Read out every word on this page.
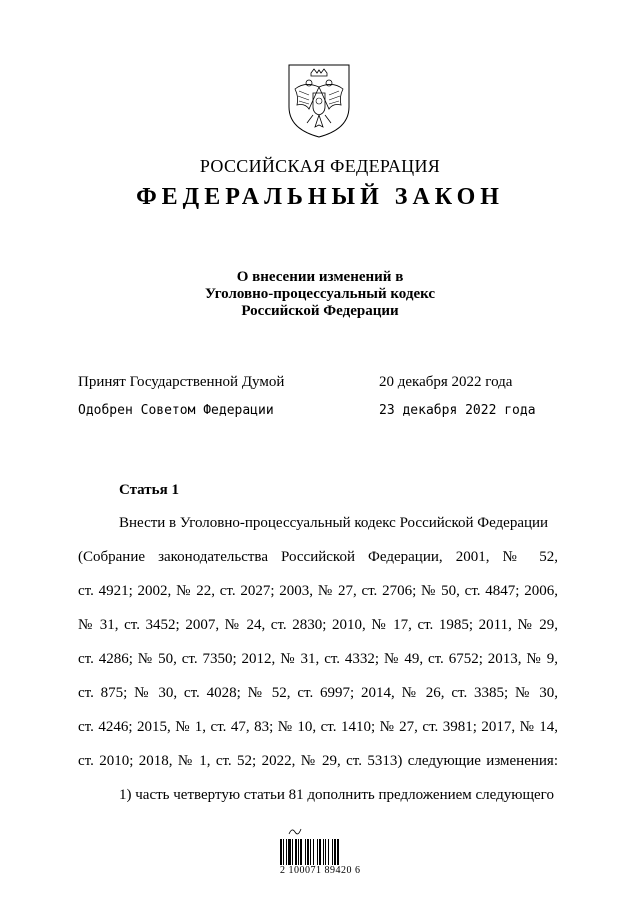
РОССИЙСКАЯ ФЕДЕРАЦИЯ
ФЕДЕРАЛЬНЫЙ ЗАКОН
О внесении изменений в
Уголовно-процессуальный кодекс
Российской Федерации
Принят Государственной Думой	20 декабря 2022 года
Одобрен Советом Федерации	23 декабря 2022 года
Статья 1
Внести в Уголовно-процессуальный кодекс Российской Федерации
(Собрание законодательства Российской Федерации, 2001, № 52,
ст. 4921; 2002, № 22, ст. 2027; 2003, № 27, ст. 2706; № 50, ст. 4847; 2006,
№ 31, ст. 3452; 2007, № 24, ст. 2830; 2010, № 17, ст. 1985; 2011, № 29,
ст. 4286; № 50, ст. 7350; 2012, № 31, ст. 4332; № 49, ст. 6752; 2013, № 9,
ст. 875; № 30, ст. 4028; № 52, ст. 6997; 2014, № 26, ст. 3385; № 30,
ст. 4246; 2015, № 1, ст. 47, 83; № 10, ст. 1410; № 27, ст. 3981; 2017, № 14,
ст. 2010; 2018, № 1, ст. 52; 2022, № 29, ст. 5313) следующие изменения:
1) часть четвертую статьи 81 дополнить предложением следующего
2 100071 89420 6
